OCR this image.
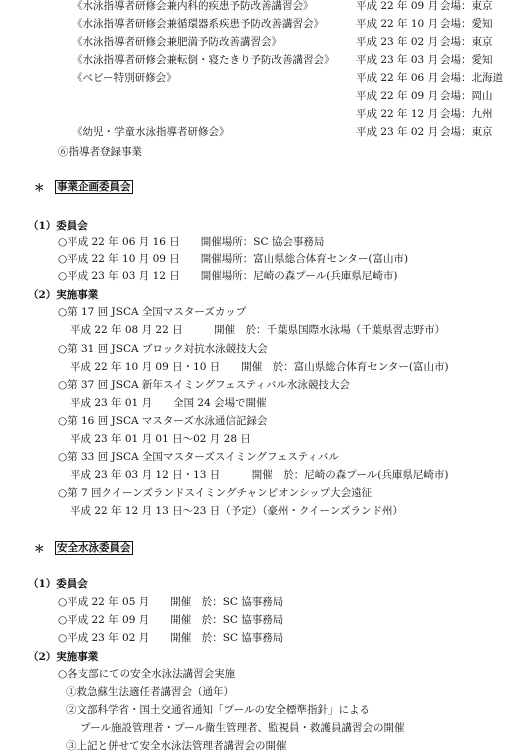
《水泳指導者研修会兼内科的疾患予防改善講習会》	平成 22 年 09 月 会場：東京
《水泳指導者研修会兼循環器系疾患予防改善講習会》	平成 22 年 10 月 会場：愛知
《水泳指導者研修会兼肥満予防改善講習会》	平成 23 年 02 月 会場：東京
《水泳指導者研修会兼転倒・寝たきり予防改善講習会》 平成 23 年 03 月 会場：愛知
《ベビー特別研修会》	平成 22 年 06 月 会場：北海道
平成 22 年 09 月 会場：岡山
平成 22 年 12 月 会場：九州
《幼児・学童水泳指導者研修会》	平成 23 年 02 月 会場：東京
⑥指導者登録事業
＊ 事業企画委員会
（1）委員会
○平成 22 年 06 月 16 日　　開催場所：SC 協会事務局
○平成 22 年 10 月 09 日　　開催場所：富山県総合体育センター(富山市)
○平成 23 年 03 月 12 日　　開催場所：尼崎の森プール(兵庫県尼崎市)
（2）実施事業
○第 17 回 JSCA 全国マスターズカップ
平成 22 年 08 月 22 日　　　開催　於：千葉県国際水泳場（千葉県習志野市）
○第 31 回 JSCA ブロック対抗水泳競技大会
平成 22 年 10 月 09 日・10 日　　開催　於：富山県総合体育センター(富山市)
○第 37 回 JSCA 新年スイミングフェスティバル水泳競技大会
平成 23 年 01 月　　全国 24 会場で開催
○第 16 回 JSCA マスターズ水泳通信記録会
平成 23 年 01 月 01 日～02 月 28 日
○第 33 回 JSCA 全国マスターズスイミングフェスティバル
平成 23 年 03 月 12 日・13 日　　　開催　於：尼崎の森プール(兵庫県尼崎市)
○第 7 回クイーンズランドスイミングチャンピオンシップ大会遠征
平成 22 年 12 月 13 日～23 日（予定）（豪州・クイーンズランド州）
＊ 安全水泳委員会
（1）委員会
○平成 22 年 05 月　　開催　於：SC 協事務局
○平成 22 年 09 月　　開催　於：SC 協事務局
○平成 23 年 02 月　　開催　於：SC 協事務局
（2）実施事業
○各支部にての安全水泳法講習会実施
①救急蘇生法適任者講習会（通年）
②文部科学省・国土交通省通知「プールの安全標準指針」による
プール施設管理者・プール衛生管理者、監視員・救護員講習会の開催
③上記と併せて安全水泳法管理者講習会の開催
